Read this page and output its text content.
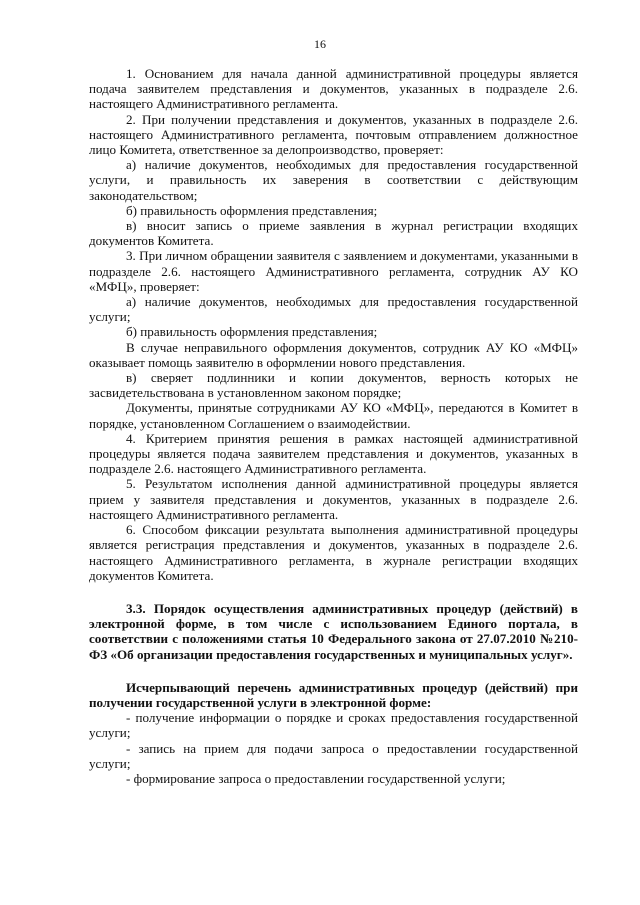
16

1. Основанием для начала данной административной процедуры является подача заявителем представления и документов, указанных в подразделе 2.6. настоящего Административного регламента.

2. При получении представления и документов, указанных в подразделе 2.6. настоящего Административного регламента, почтовым отправлением должностное лицо Комитета, ответственное за делопроизводство, проверяет:

а) наличие документов, необходимых для предоставления государственной услуги, и правильность их заверения в соответствии с действующим законодательством;

б) правильность оформления представления;

в) вносит запись о приеме заявления в журнал регистрации входящих документов Комитета.

3. При личном обращении заявителя с заявлением и документами, указанными в подразделе 2.6. настоящего Административного регламента, сотрудник АУ КО «МФЦ», проверяет:

а) наличие документов, необходимых для предоставления государственной услуги;

б) правильность оформления представления;

В случае неправильного оформления документов, сотрудник АУ КО «МФЦ» оказывает помощь заявителю в оформлении нового представления.

в) сверяет подлинники и копии документов, верность которых не засвидетельствована в установленном законом порядке;

Документы, принятые сотрудниками АУ КО «МФЦ», передаются в Комитет в порядке, установленном Соглашением о взаимодействии.

4. Критерием принятия решения в рамках настоящей административной процедуры является подача заявителем представления и документов, указанных в подразделе 2.6. настоящего Административного регламента.

5. Результатом исполнения данной административной процедуры является прием у заявителя представления и документов, указанных в подразделе 2.6. настоящего Административного регламента.

6. Способом фиксации результата выполнения административной процедуры является регистрация представления и документов, указанных в подразделе 2.6. настоящего Административного регламента, в журнале регистрации входящих документов Комитета.

3.3. Порядок осуществления административных процедур (действий) в электронной форме, в том числе с использованием Единого портала, в соответствии с положениями статья 10 Федерального закона от 27.07.2010 №210-ФЗ «Об организации предоставления государственных и муниципальных услуг».

Исчерпывающий перечень административных процедур (действий) при получении государственной услуги в электронной форме:

- получение информации о порядке и сроках предоставления государственной услуги;

- запись на прием для подачи запроса о предоставлении государственной услуги;

- формирование запроса о предоставлении государственной услуги;
